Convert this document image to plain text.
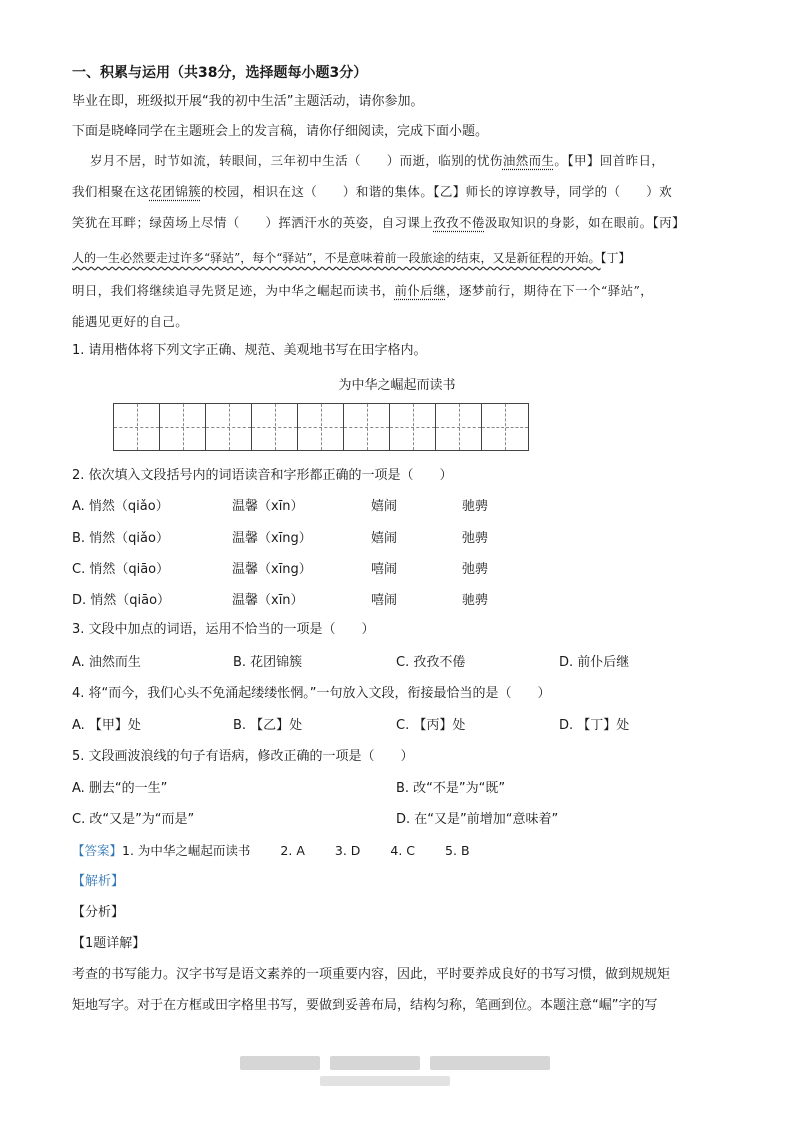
一、积累与运用（共38分，选择题每小题3分）
毕业在即，班级拟开展“我的初中生活”主题活动，请你参加。
下面是晓峰同学在主题班会上的发言稿，请你仔细阅读，完成下面小题。
岁月不居，时节如流，转眼间，三年初中生活（　　）而逝，临别的忧伤油然而生。【甲】回首昨日，
我们相聚在这花团锦簇的校园，相识在这（　　）和谐的集体。【乙】师长的谆谆教导，同学的（　　）欢
笑犹在耳畔；绿茵场上尽情（　　）挥洒汗水的英姿，自习课上孜孜不倦汲取知识的身影，如在眼前。【丙】
人的一生必然要走过许多“驿站”，每个“驿站”，不是意味着前一段旅途的结束，又是新征程的开始。【丁】
明日，我们将继续追寻先贤足迹，为中华之崛起而读书，前仆后继，逐梦前行，期待在下一个“驿站”，
能遇见更好的自己。
1. 请用楷体将下列文字正确、规范、美观地书写在田字格内。
为中华之崛起而读书
2. 依次填入文段括号内的词语读音和字形都正确的一项是（　　）
A. 悄然（qiǎo）	温馨（xīn）	嬉闹	驰骋
B. 悄然（qiǎo）	温馨（xīng）	嬉闹	弛骋
C. 悄然（qiāo）	温馨（xīng）	嘻闹	弛骋
D. 悄然（qiāo）	温馨（xīn）	嘻闹	驰骋
3. 文段中加点的词语，运用不恰当的一项是（　　）
A. 油然而生	B. 花团锦簇	C. 孜孜不倦	D. 前仆后继
4. 将“而今，我们心头不免涌起缕缕怅惘。”一句放入文段，衔接最恰当的是（　　）
A. 【甲】处	B. 【乙】处	C. 【丙】处	D. 【丁】处
5. 文段画波浪线的句子有语病，修改正确的一项是（　　）
A. 删去“的一生”	B. 改“不是”为“既”
C. 改“又是”为“而是”	D. 在“又是”前增加“意味着”
【答案】1. 为中华之崛起而读书 2. A 3. D 4. C 5. B
【解析】
【分析】
【1题详解】
考查的书写能力。汉字书写是语文素养的一项重要内容，因此，平时要养成良好的书写习惯，做到规规矩
矩地写字。对于在方框或田字格里书写，要做到妥善布局，结构匀称，笔画到位。本题注意“崛”字的写
